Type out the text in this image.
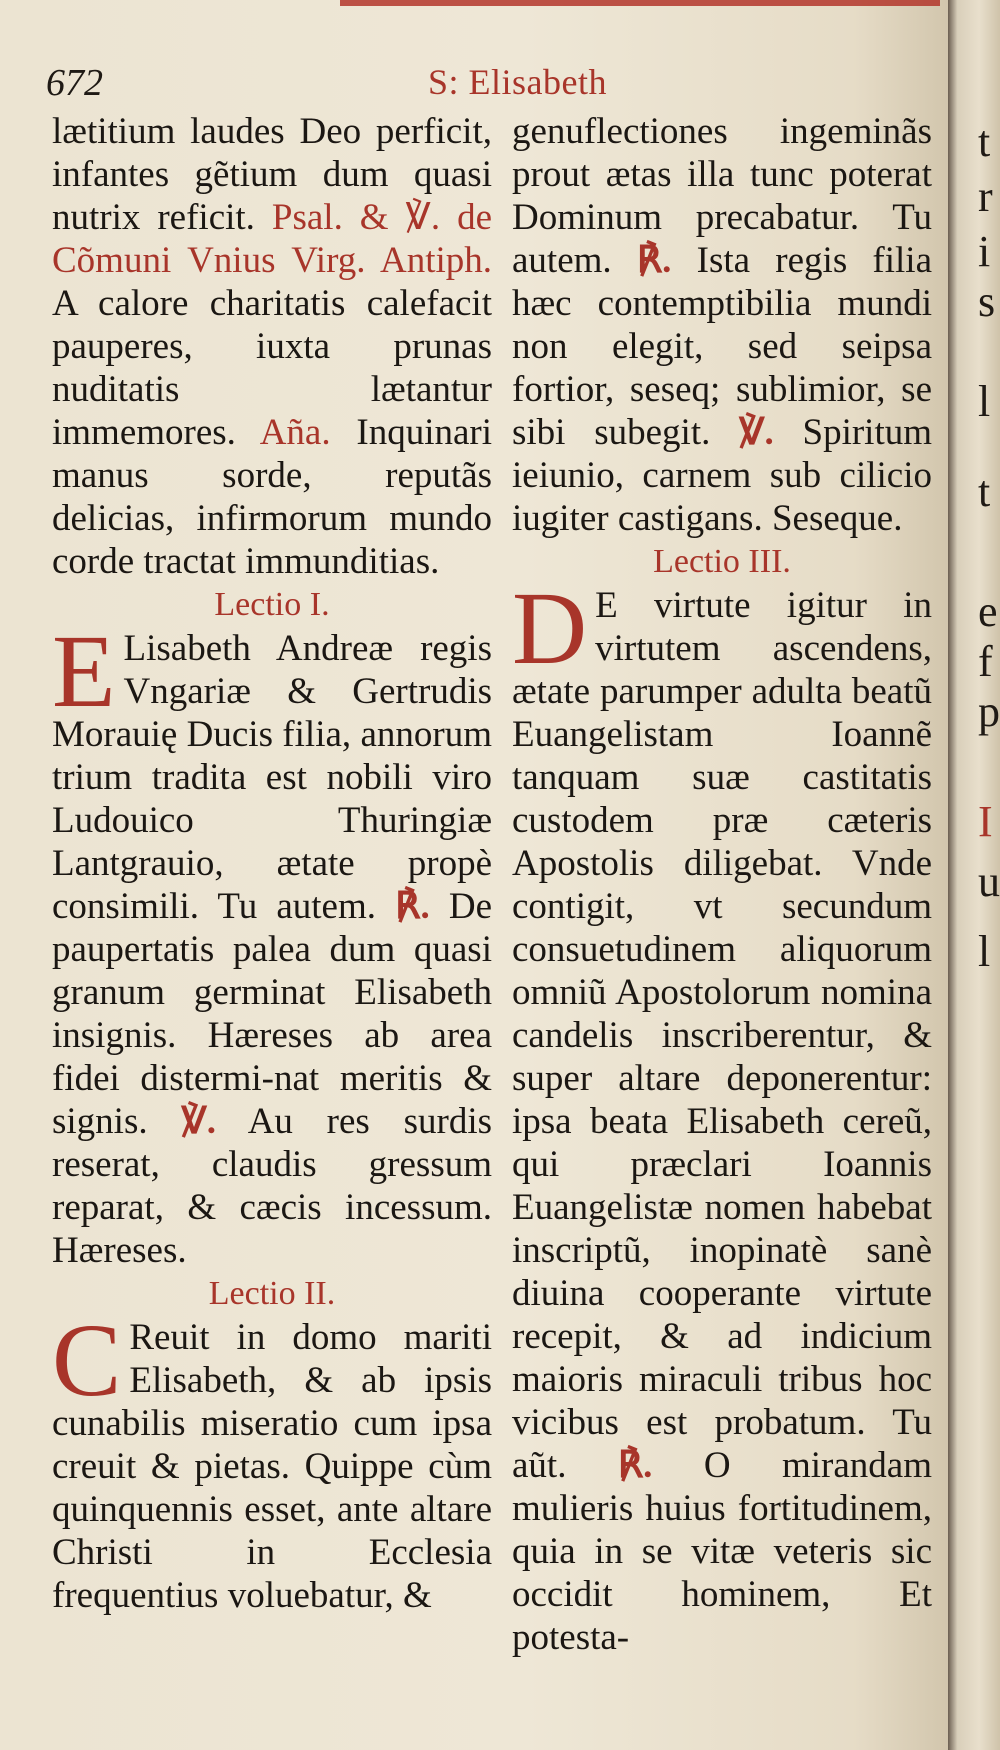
672	S: Elisabeth

lætitium laudes Deo perficit, infantes gẽtium dum quasi nutrix reficit. Psal. & ℣. de Cõmuni Vnius Virg. Antiph. A calore charitatis calefacit pauperes, iuxta prunas nuditatis lætantur immemores. Aña. Inquinari manus sorde, reputãs delicias, infirmorum mundo corde tractat immunditias.

Lectio I.

E Lisabeth Andreæ regis Vngariæ & Gertrudis Morauię Ducis filia, annorum trium tradita est nobili viro Ludouico Thuringiæ Lantgrauio, ætate propè consimili. Tu autem. ℟. De paupertatis palea dum quasi granum germinat Elisabeth insignis. Hæreses ab area fidei distermi-nat meritis & signis. ℣. Au res surdis reserat, claudis gressum reparat, & cæcis incessum. Hæreses.

Lectio II.

C Reuit in domo mariti Elisabeth, & ab ipsis cunabilis miseratio cum ipsa creuit & pietas. Quippe cùm quinquennis esset, ante altare Christi in Ecclesia frequentius voluebatur, &

genuflectiones ingeminãs prout ætas illa tunc poterat Dominum precabatur. Tu autem. ℟. Ista regis filia hæc contemptibilia mundi non elegit, sed seipsa fortior, seseq; sublimior, se sibi subegit. ℣. Spiritum ieiunio, carnem sub cilicio iugiter castigans. Seseque.

Lectio III.

D E virtute igitur in virtutem ascendens, ætate parumper adulta beatũ Euangelistam Ioannẽ tanquam suæ castitatis custodem præ cæteris Apostolis diligebat. Vnde contigit, vt secundum consuetudinem aliquorum omniũ Apostolorum nomina candelis inscriberentur, & super altare deponerentur: ipsa beata Elisabeth cereũ, qui præclari Ioannis Euangelistæ nomen habebat inscriptũ, inopinatè sanè diuina cooperante virtute recepit, & ad indicium maioris miraculi tribus hoc vicibus est probatum. Tu aũt. ℟. O mirandam mulieris huius fortitudinem, quia in se vitæ veteris sic occidit hominem, Et potesta-

t
r
i
s
l
t
e
f
p
I
u
l
